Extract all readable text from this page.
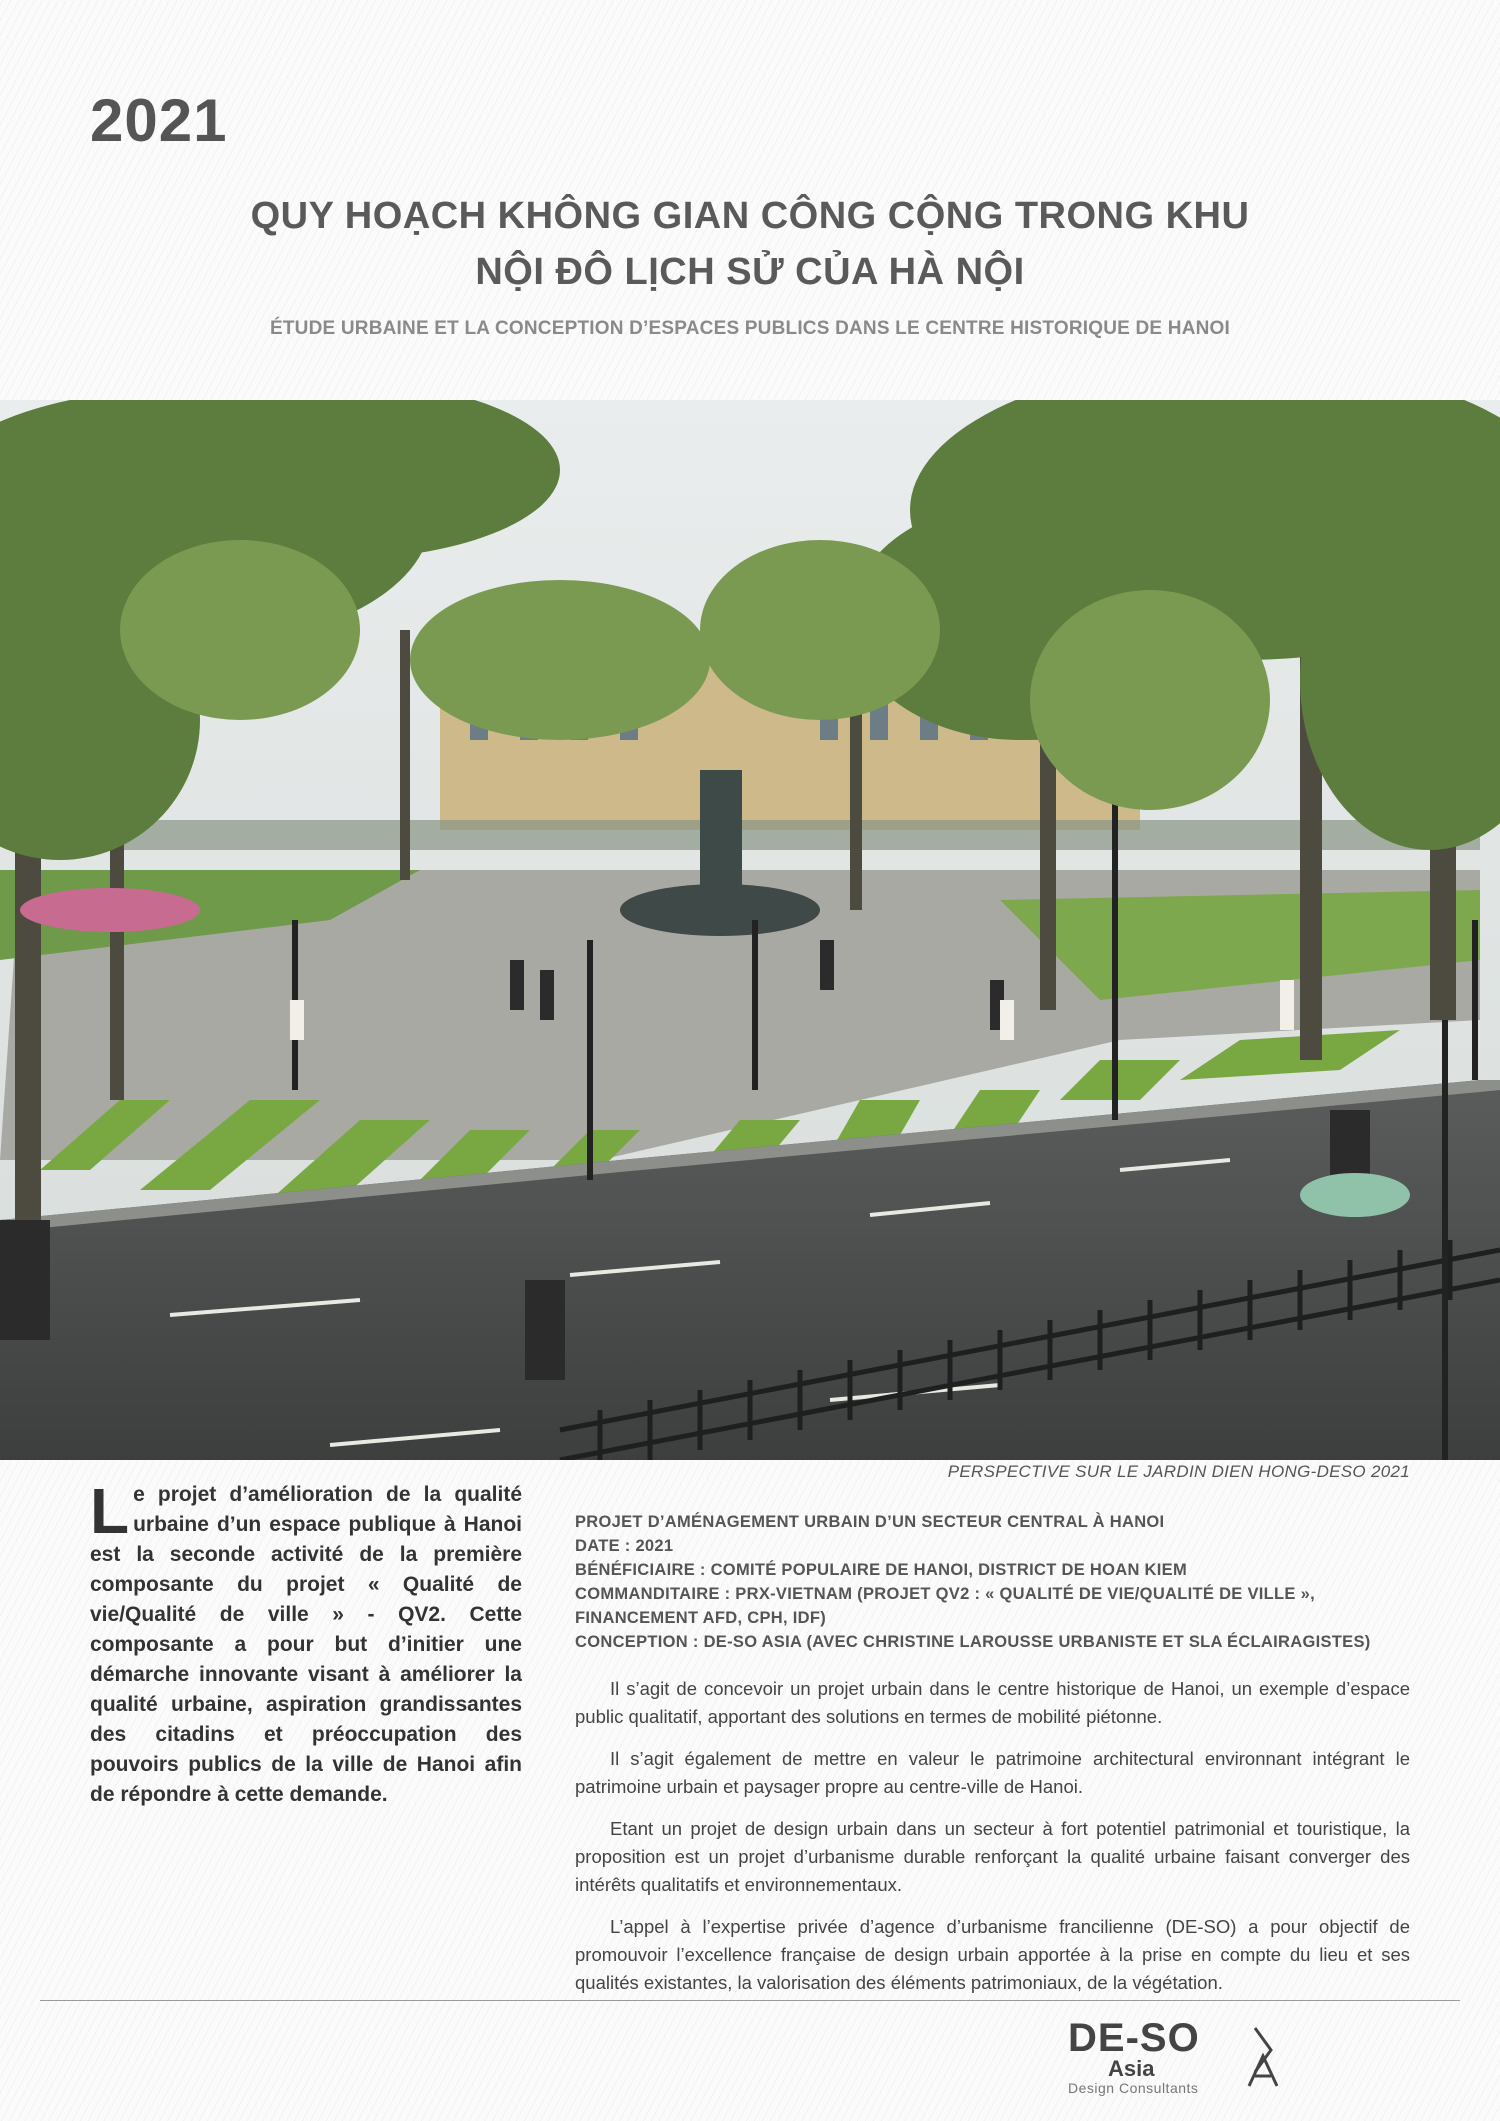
2021
QUY HOẠCH KHÔNG GIAN CÔNG CỘNG TRONG KHU
NỘI ĐÔ LỊCH SỬ CỦA HÀ NỘI
ÉTUDE URBAINE ET LA CONCEPTION D’ESPACES PUBLICS DANS LE CENTRE HISTORIQUE DE HANOI
PERSPECTIVE SUR LE JARDIN DIEN HONG-DESO 2021
Le projet d’amélioration de la qualité urbaine d’un espace publique à Hanoi est la seconde activité de la première composante du projet « Qualité de vie/Qualité de ville » - QV2. Cette composante a pour but d’initier une démarche innovante visant à améliorer la qualité urbaine, aspiration grandissantes des citadins et préoccupation des pouvoirs publics de la ville de Hanoi afin de répondre à cette demande.
PROJET D’AMÉNAGEMENT URBAIN D’UN SECTEUR CENTRAL À HANOI
DATE : 2021
BÉNÉFICIAIRE : COMITÉ POPULAIRE DE HANOI, DISTRICT DE HOAN KIEM
COMMANDITAIRE : PRX-VIETNAM (PROJET QV2 : « QUALITÉ DE VIE/QUALITÉ DE VILLE », FINANCEMENT AFD, CPH, IDF)
CONCEPTION : DE-SO ASIA (AVEC CHRISTINE LAROUSSE URBANISTE ET SLA ÉCLAIRAGISTES)

Il s’agit de concevoir un projet urbain dans le centre historique de Hanoi, un exemple d’espace public qualitatif, apportant des solutions en termes de mobilité piétonne.

Il s’agit également de mettre en valeur le patrimoine architectural environnant intégrant le patrimoine urbain et paysager propre au centre-ville de Hanoi.

Etant un projet de design urbain dans un secteur à fort potentiel patrimonial et touristique, la proposition est un projet d’urbanisme durable renforçant la qualité urbaine faisant converger des intérêts qualitatifs et environnementaux.

L’appel à l’expertise privée d’agence d’urbanisme francilienne (DE-SO) a pour objectif de promouvoir l’excellence française de design urbain apportée à la prise en compte du lieu et ses qualités existantes, la valorisation des éléments patrimoniaux, de la végétation.

DE-SO
Asia
Design Consultants
